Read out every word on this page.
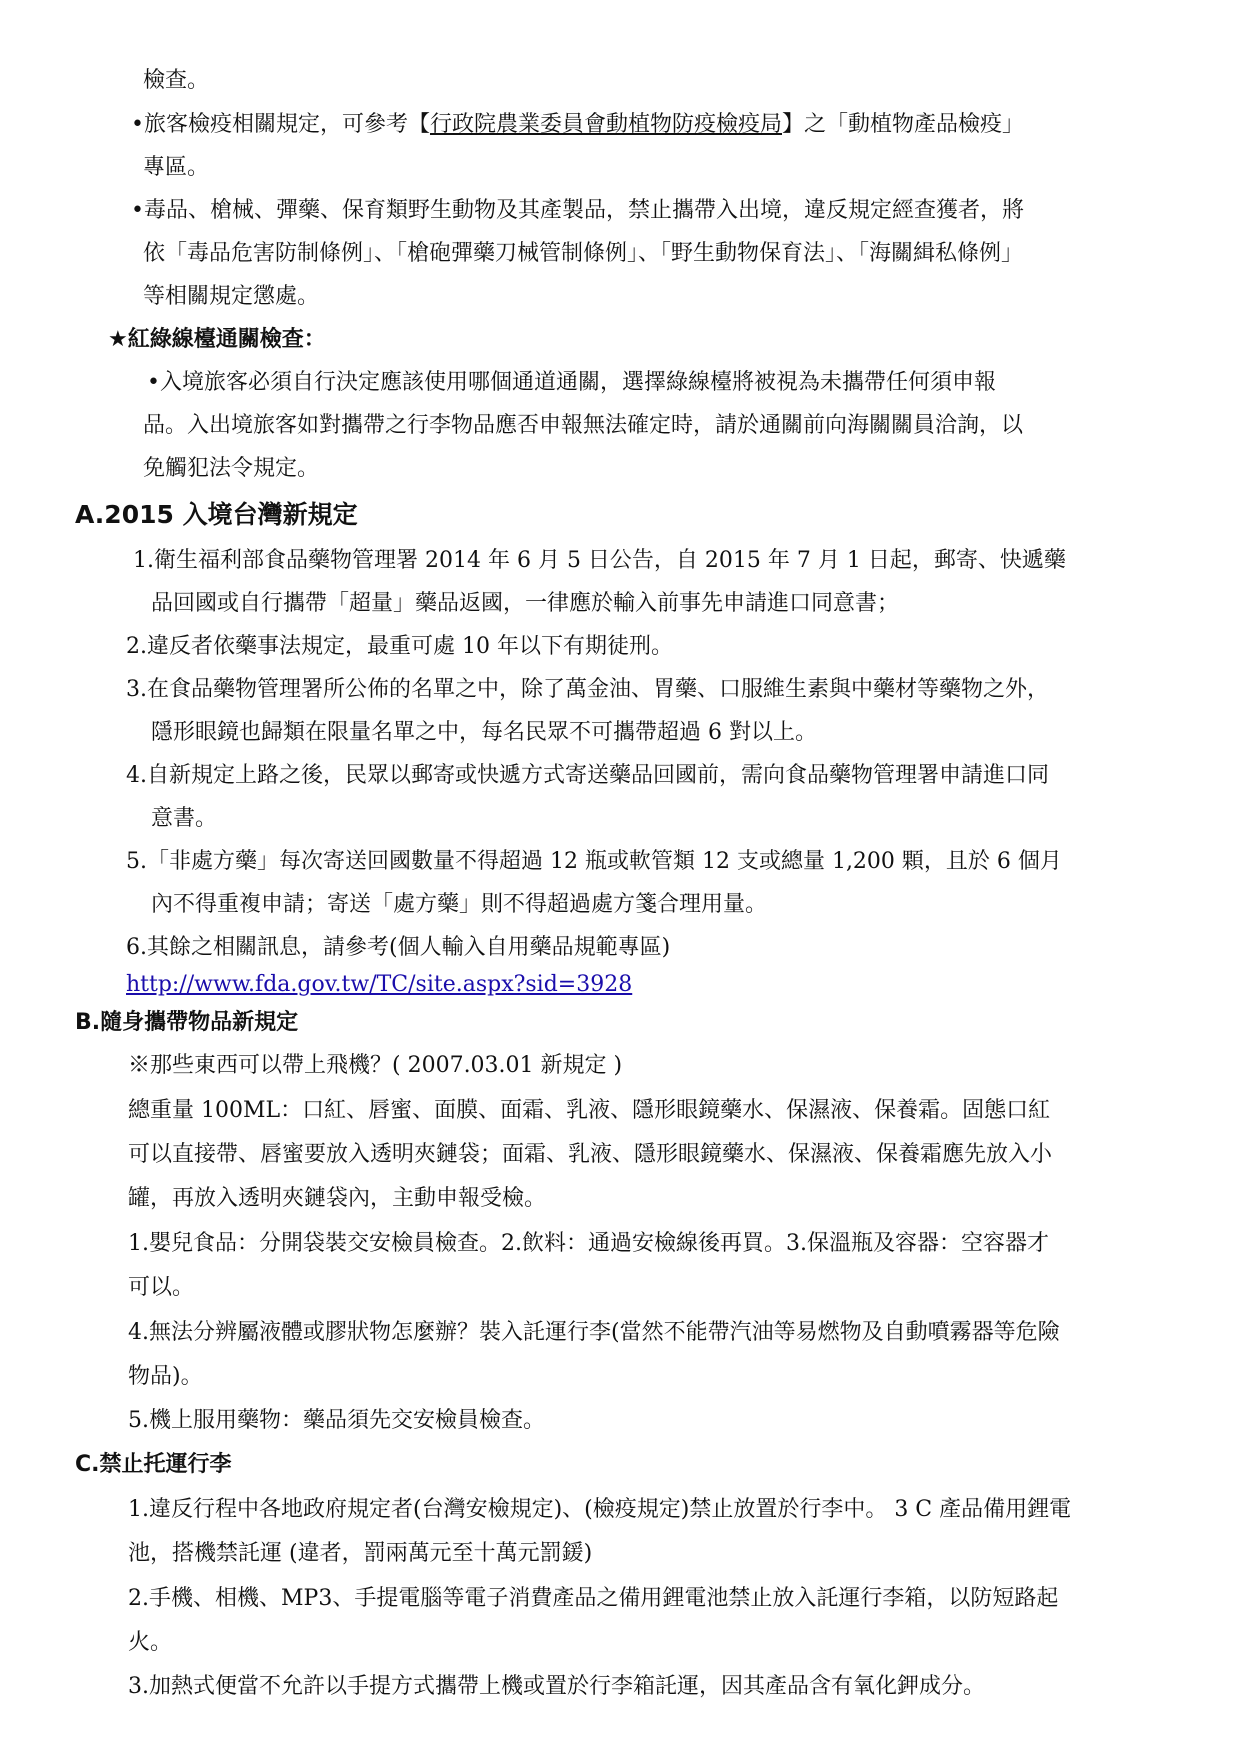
檢查。
•旅客檢疫相關規定，可參考【行政院農業委員會動植物防疫檢疫局】之「動植物產品檢疫」
專區。
•毒品、槍械、彈藥、保育類野生動物及其產製品，禁止攜帶入出境，違反規定經查獲者，將
依「毒品危害防制條例」、「槍砲彈藥刀械管制條例」、「野生動物保育法」、「海關緝私條例」
等相關規定懲處。
★紅綠線檯通關檢查：
•入境旅客必須自行決定應該使用哪個通道通關，選擇綠線檯將被視為未攜帶任何須申報
品。入出境旅客如對攜帶之行李物品應否申報無法確定時，請於通關前向海關關員洽詢，以
免觸犯法令規定。
A.2015 入境台灣新規定
1.衛生福利部食品藥物管理署 2014 年 6 月 5 日公告，自 2015 年 7 月 1 日起，郵寄、快遞藥
品回國或自行攜帶「超量」藥品返國，一律應於輸入前事先申請進口同意書；
2.違反者依藥事法規定，最重可處 10 年以下有期徒刑。
3.在食品藥物管理署所公佈的名單之中，除了萬金油、胃藥、口服維生素與中藥材等藥物之外，
隱形眼鏡也歸類在限量名單之中，每名民眾不可攜帶超過 6 對以上。
4.自新規定上路之後，民眾以郵寄或快遞方式寄送藥品回國前，需向食品藥物管理署申請進口同
意書。
5.「非處方藥」每次寄送回國數量不得超過 12 瓶或軟管類 12 支或總量 1,200 顆，且於 6 個月
內不得重複申請；寄送「處方藥」則不得超過處方箋合理用量。
6.其餘之相關訊息，請參考(個人輸入自用藥品規範專區)
http://www.fda.gov.tw/TC/site.aspx?sid=3928
B.隨身攜帶物品新規定
※那些東西可以帶上飛機？( 2007.03.01 新規定 )
總重量 100ML：口紅、唇蜜、面膜、面霜、乳液、隱形眼鏡藥水、保濕液、保養霜。固態口紅
可以直接帶、唇蜜要放入透明夾鏈袋；面霜、乳液、隱形眼鏡藥水、保濕液、保養霜應先放入小
罐，再放入透明夾鏈袋內，主動申報受檢。
1.嬰兒食品：分開袋裝交安檢員檢查。2.飲料：通過安檢線後再買。3.保溫瓶及容器：空容器才
可以。
4.無法分辨屬液體或膠狀物怎麼辦？裝入託運行李(當然不能帶汽油等易燃物及自動噴霧器等危險
物品)。
5.機上服用藥物：藥品須先交安檢員檢查。
C.禁止托運行李
1.違反行程中各地政府規定者(台灣安檢規定)、(檢疫規定)禁止放置於行李中。 3 C 產品備用鋰電
池，搭機禁託運 (違者，罰兩萬元至十萬元罰鍰)
2.手機、相機、MP3、手提電腦等電子消費產品之備用鋰電池禁止放入託運行李箱，以防短路起
火。
3.加熱式便當不允許以手提方式攜帶上機或置於行李箱託運，因其產品含有氧化鉀成分。
